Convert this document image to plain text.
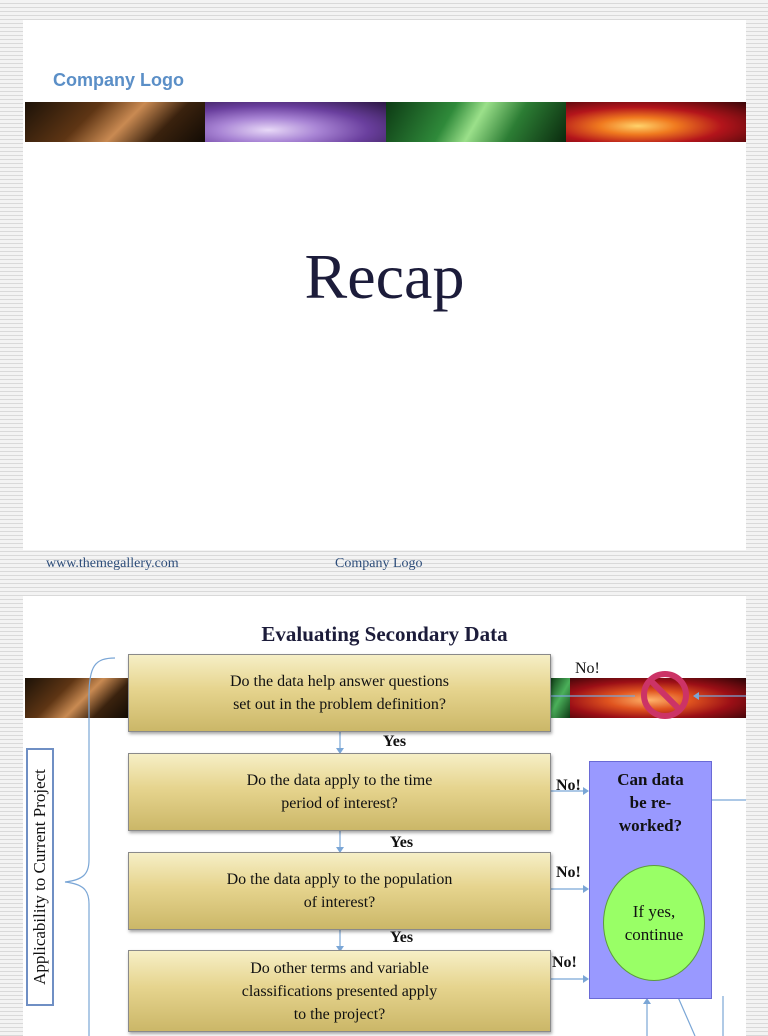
Company Logo
Recap
www.themegallery.com	Company Logo
Evaluating Secondary Data
Do the data help answer questions
set out in the problem definition?
Do the data apply to the time
period of interest?
Do the data apply to the population
of interest?
Do other terms and variable
classifications presented apply
to the project?
Yes
Yes
Yes
No!
No!
No!
No!
Can data
be re-
worked?
If yes,
continue
Applicability to Current Project
